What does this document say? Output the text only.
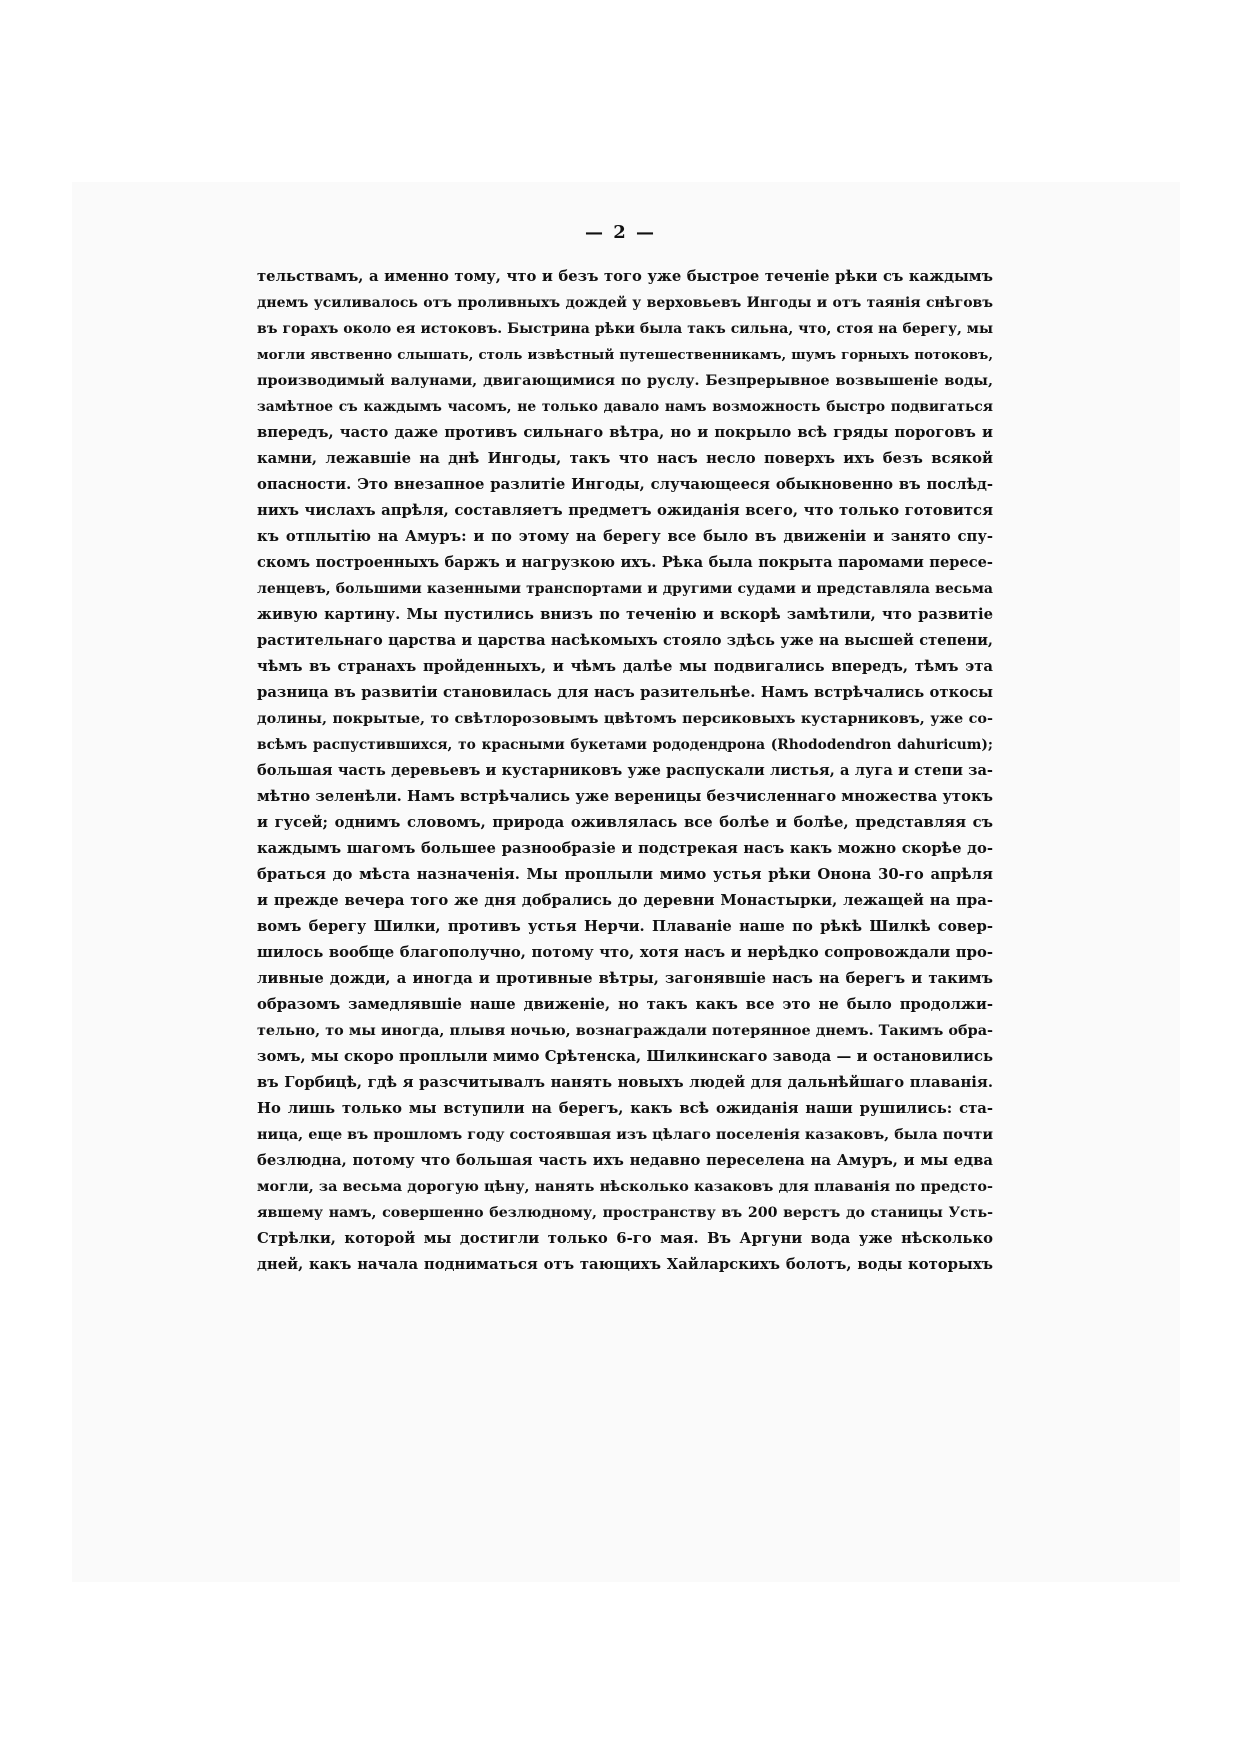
— 2 —
тельствамъ, а именно тому, что и безъ того уже быстрое теченіе рѣки съ каждымъ
днемъ усиливалось отъ проливныхъ дождей у верховьевъ Ингоды и отъ таянія снѣговъ
въ горахъ около ея истоковъ. Быстрина рѣки была такъ сильна, что, стоя на берегу, мы
могли явственно слышать, столь извѣстный путешественникамъ, шумъ горныхъ потоковъ,
производимый валунами, двигающимися по руслу. Безпрерывное возвышеніе воды,
замѣтное съ каждымъ часомъ, не только давало намъ возможность быстро подвигаться
впередъ, часто даже противъ сильнаго вѣтра, но и покрыло всѣ гряды пороговъ и
камни, лежавшіе на днѣ Ингоды, такъ что насъ несло поверхъ ихъ безъ всякой
опасности. Это внезапное разлитіе Ингоды, случающееся обыкновенно въ послѣд-
нихъ числахъ апрѣля, составляетъ предметъ ожиданія всего, что только готовится
къ отплытію на Амуръ: и по этому на берегу все было въ движеніи и занято спу-
скомъ построенныхъ баржъ и нагрузкою ихъ. Рѣка была покрыта паромами пересе-
ленцевъ, большими казенными транспортами и другими судами и представляла весьма
живую картину. Мы пустились внизъ по теченію и вскорѣ замѣтили, что развитіе
растительнаго царства и царства насѣкомыхъ стояло здѣсь уже на высшей степени,
чѣмъ въ странахъ пройденныхъ, и чѣмъ далѣе мы подвигались впередъ, тѣмъ эта
разница въ развитіи становилась для насъ разительнѣе. Намъ встрѣчались откосы
долины, покрытые, то свѣтлорозовымъ цвѣтомъ персиковыхъ кустарниковъ, уже со-
всѣмъ распустившихся, то красными букетами рододендрона (Rhododendron dahuricum);
большая часть деревьевъ и кустарниковъ уже распускали листья, а луга и степи за-
мѣтно зеленѣли. Намъ встрѣчались уже вереницы безчисленнаго множества утокъ
и гусей; однимъ словомъ, природа оживлялась все болѣе и болѣе, представляя съ
каждымъ шагомъ большее разнообразіе и подстрекая насъ какъ можно скорѣе до-
браться до мѣста назначенія. Мы проплыли мимо устья рѣки Онона 30-го апрѣля
и прежде вечера того же дня добрались до деревни Монастырки, лежащей на пра-
вомъ берегу Шилки, противъ устья Нерчи. Плаваніе наше по рѣкѣ Шилкѣ совер-
шилось вообще благополучно, потому что, хотя насъ и нерѣдко сопровождали про-
ливные дожди, а иногда и противные вѣтры, загонявшіе насъ на берегъ и такимъ
образомъ замедлявшіе наше движеніе, но такъ какъ все это не было продолжи-
тельно, то мы иногда, плывя ночью, вознаграждали потерянное днемъ. Такимъ обра-
зомъ, мы скоро проплыли мимо Срѣтенска, Шилкинскаго завода — и остановились
въ Горбицѣ, гдѣ я разсчитывалъ нанять новыхъ людей для дальнѣйшаго плаванія.
Но лишь только мы вступили на берегъ, какъ всѣ ожиданія наши рушились: ста-
ница, еще въ прошломъ году состоявшая изъ цѣлаго поселенія казаковъ, была почти
безлюдна, потому что большая часть ихъ недавно переселена на Амуръ, и мы едва
могли, за весьма дорогую цѣну, нанять нѣсколько казаковъ для плаванія по предсто-
явшему намъ, совершенно безлюдному, пространству въ 200 верстъ до станицы Усть-
Стрѣлки, которой мы достигли только 6-го мая. Въ Аргуни вода уже нѣсколько
дней, какъ начала подниматься отъ тающихъ Хайларскихъ болотъ, воды которыхъ
